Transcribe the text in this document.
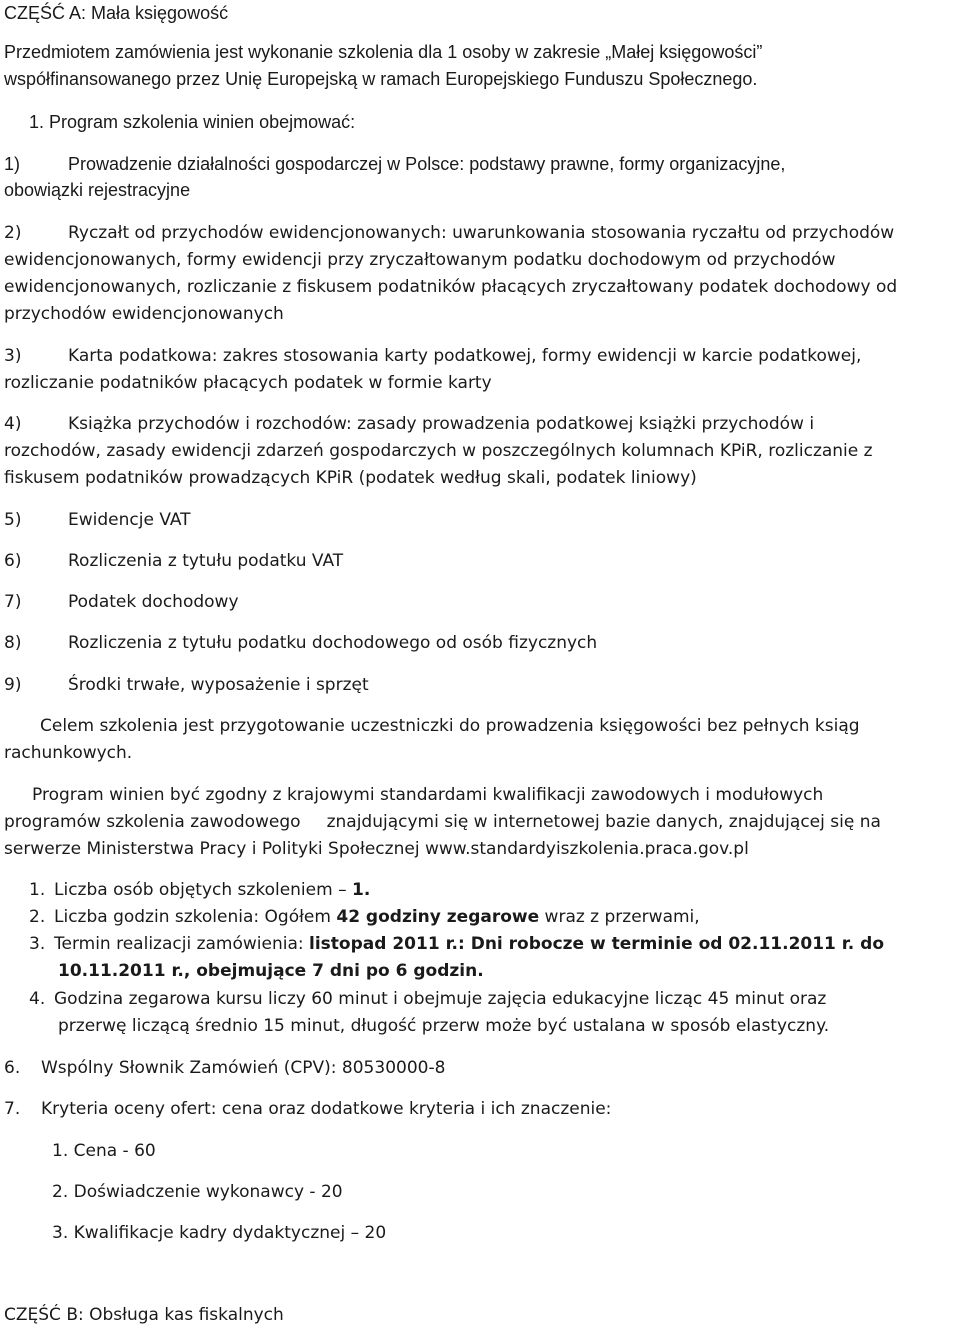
CZĘŚĆ A: Mała księgowość
Przedmiotem zamówienia jest wykonanie szkolenia dla 1 osoby w zakresie „Małej księgowości”
współfinansowanego przez Unię Europejską w ramach Europejskiego Funduszu Społecznego.
1. Program szkolenia winien obejmować:
1)	Prowadzenie działalności gospodarczej w Polsce: podstawy prawne, formy organizacyjne,
obowiązki rejestracyjne
2)	Ryczałt od przychodów ewidencjonowanych: uwarunkowania stosowania ryczałtu od przychodów
ewidencjonowanych, formy ewidencji przy zryczałtowanym podatku dochodowym od przychodów
ewidencjonowanych, rozliczanie z fiskusem podatników płacących zryczałtowany podatek dochodowy od
przychodów ewidencjonowanych
3)	Karta podatkowa: zakres stosowania karty podatkowej, formy ewidencji w karcie podatkowej,
rozliczanie podatników płacących podatek w formie karty
4)	Książka przychodów i rozchodów: zasady prowadzenia podatkowej książki przychodów i
rozchodów, zasady ewidencji zdarzeń gospodarczych w poszczególnych kolumnach KPiR, rozliczanie z
fiskusem podatników prowadzących KPiR (podatek według skali, podatek liniowy)
5)	Ewidencje VAT
6)	Rozliczenia z tytułu podatku VAT
7)	Podatek dochodowy
8)	Rozliczenia z tytułu podatku dochodowego od osób fizycznych
9)	Środki trwałe, wyposażenie i sprzęt
Celem szkolenia jest przygotowanie uczestniczki do prowadzenia księgowości bez pełnych ksiąg
rachunkowych.
Program winien być zgodny z krajowymi standardami kwalifikacji zawodowych i modułowych
programów szkolenia zawodowego znajdującymi się w internetowej bazie danych, znajdującej się na
serwerze Ministerstwa Pracy i Polityki Społecznej www.standardyiszkolenia.praca.gov.pl
1. Liczba osób objętych szkoleniem – 1.
2. Liczba godzin szkolenia: Ogółem 42 godziny zegarowe wraz z przerwami,
3. Termin realizacji zamówienia: listopad 2011 r.: Dni robocze w terminie od 02.11.2011 r. do
10.11.2011 r., obejmujące 7 dni po 6 godzin.
4. Godzina zegarowa kursu liczy 60 minut i obejmuje zajęcia edukacyjne licząc 45 minut oraz
przerwę liczącą średnio 15 minut, długość przerw może być ustalana w sposób elastyczny.
6. Wspólny Słownik Zamówień (CPV): 80530000-8
7. Kryteria oceny ofert: cena oraz dodatkowe kryteria i ich znaczenie:
1. Cena - 60
2. Doświadczenie wykonawcy - 20
3. Kwalifikacje kadry dydaktycznej – 20
CZĘŚĆ B: Obsługa kas fiskalnych
